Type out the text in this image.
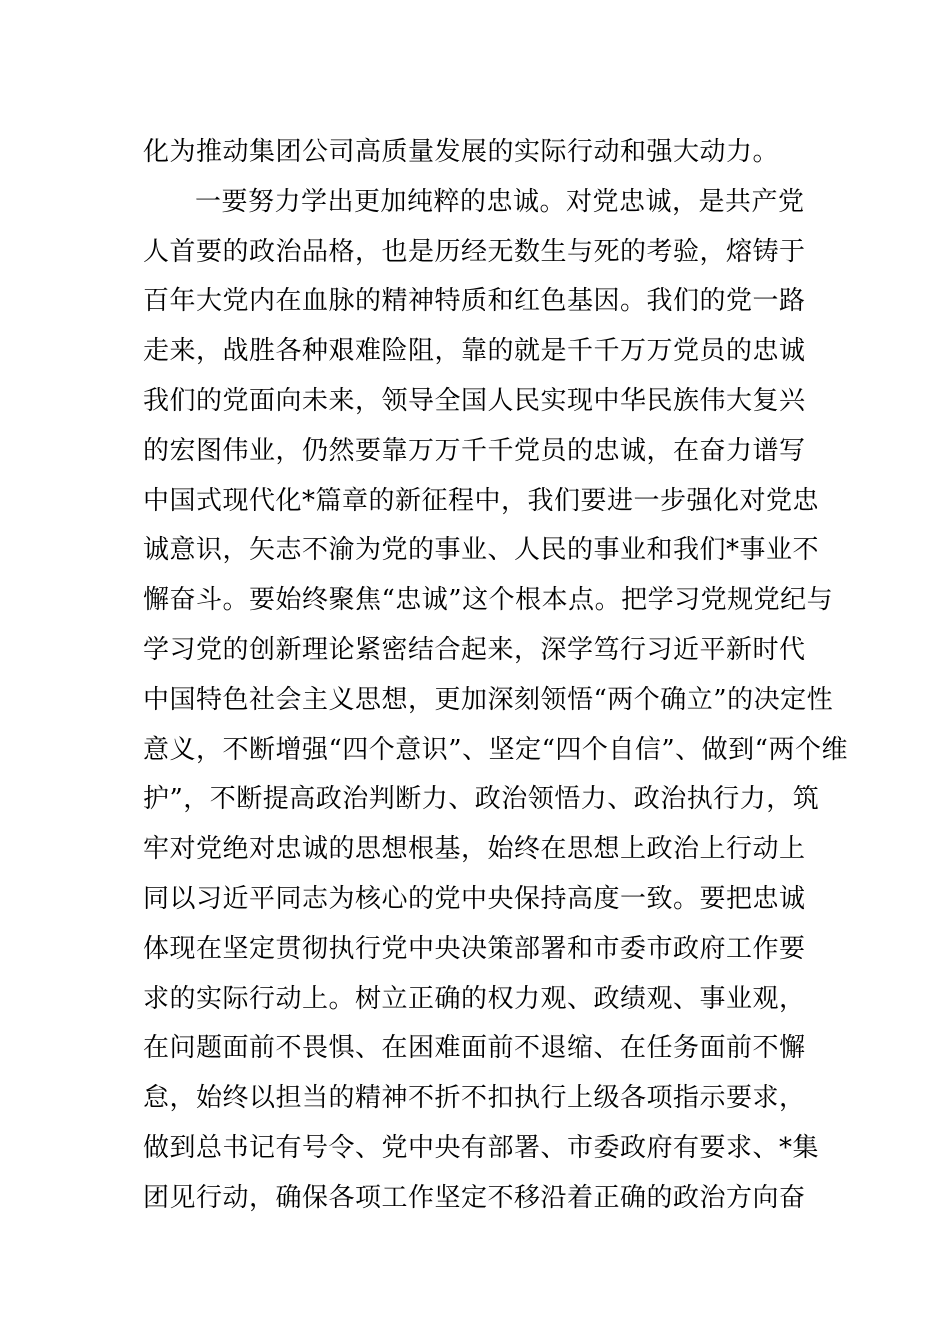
化为推动集团公司高质量发展的实际行动和强大动力。
一要努力学出更加纯粹的忠诚。对党忠诚，是共产党
人首要的政治品格，也是历经无数生与死的考验，熔铸于
百年大党内在血脉的精神特质和红色基因。我们的党一路
走来，战胜各种艰难险阻，靠的就是千千万万党员的忠诚
我们的党面向未来，领导全国人民实现中华民族伟大复兴
的宏图伟业，仍然要靠万万千千党员的忠诚，在奋力谱写
中国式现代化*篇章的新征程中，我们要进一步强化对党忠
诚意识，矢志不渝为党的事业、人民的事业和我们*事业不
懈奋斗。要始终聚焦“忠诚”这个根本点。把学习党规党纪与
学习党的创新理论紧密结合起来，深学笃行习近平新时代
中国特色社会主义思想，更加深刻领悟“两个确立”的决定性
意义，不断增强“四个意识”、坚定“四个自信”、做到“两个维
护”，不断提高政治判断力、政治领悟力、政治执行力，筑
牢对党绝对忠诚的思想根基，始终在思想上政治上行动上
同以习近平同志为核心的党中央保持高度一致。要把忠诚
体现在坚定贯彻执行党中央决策部署和市委市政府工作要
求的实际行动上。树立正确的权力观、政绩观、事业观，
在问题面前不畏惧、在困难面前不退缩、在任务面前不懈
怠，始终以担当的精神不折不扣执行上级各项指示要求，
做到总书记有号令、党中央有部署、市委政府有要求、*集
团见行动，确保各项工作坚定不移沿着正确的政治方向奋
